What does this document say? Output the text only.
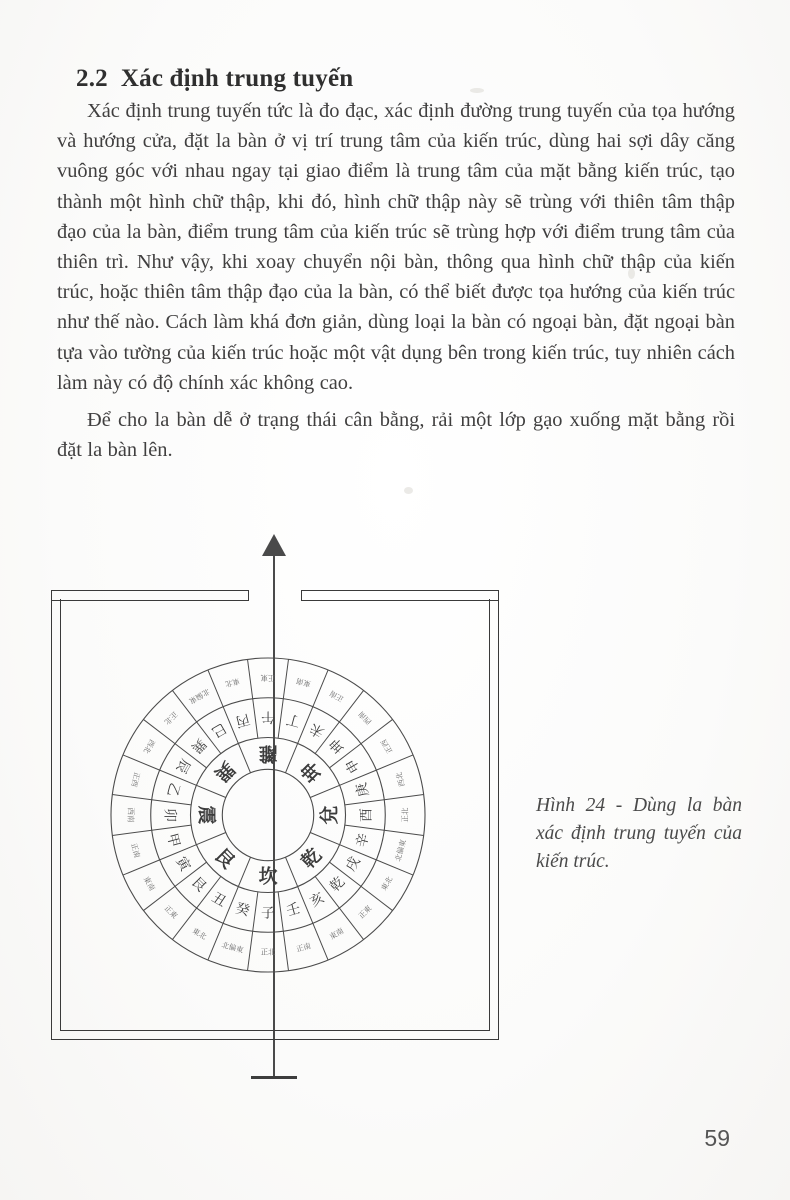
2.2 Xác định trung tuyến

Xác định trung tuyến tức là đo đạc, xác định đường trung tuyến của tọa hướng và hướng cửa, đặt la bàn ở vị trí trung tâm của kiến trúc, dùng hai sợi dây căng vuông góc với nhau ngay tại giao điểm là trung tâm của mặt bằng kiến trúc, tạo thành một hình chữ thập, khi đó, hình chữ thập này sẽ trùng với thiên tâm thập đạo của la bàn, điểm trung tâm của kiến trúc sẽ trùng hợp với điểm trung tâm của thiên trì. Như vậy, khi xoay chuyển nội bàn, thông qua hình chữ thập của kiến trúc, hoặc thiên tâm thập đạo của la bàn, có thể biết được tọa hướng của kiến trúc như thế nào. Cách làm khá đơn giản, dùng loại la bàn có ngoại bàn, đặt ngoại bàn tựa vào tường của kiến trúc hoặc một vật dụng bên trong kiến trúc, tuy nhiên cách làm này có độ chính xác không cao.

Để cho la bàn dễ ở trạng thái cân bằng, rải một lớp gạo xuống mặt bằng rồi đặt la bàn lên.

坎
艮
震
巽
離
坤
兌
乾
子
癸
丑
艮
寅
甲
卯
乙
辰
巽
巳 丙 午 丁 未
坤
申
庚
酉
辛
戌
乾
亥
壬
正北
北偏東
東北
正東
東南
正南
西南
正西
西北
正北
北偏東
東北	正東	東南
正南
西南
正西
西北
正北
北偏東
東北
正東
東南
正南
Hình 24 - Dùng la bàn xác định trung tuyến của kiến trúc.
59
